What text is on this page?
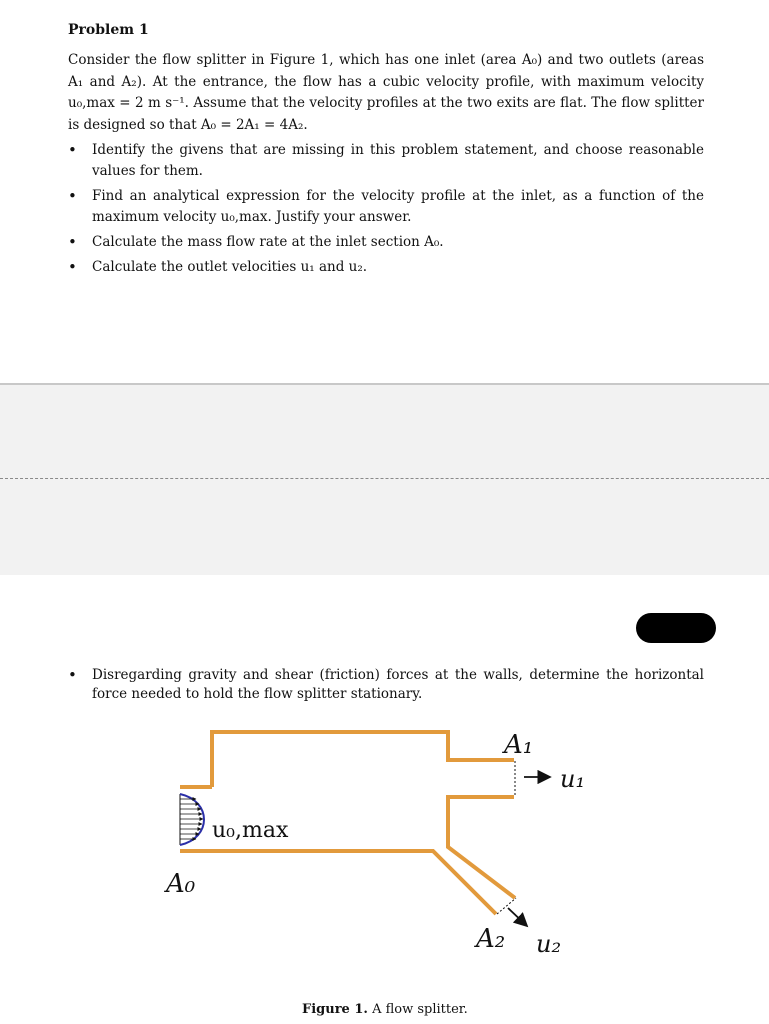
Problem 1
Consider the flow splitter in Figure 1, which has one inlet (area A₀) and two outlets (areas A₁ and A₂). At the entrance, the flow has a cubic velocity profile, with maximum velocity u₀,max = 2 m s⁻¹. Assume that the velocity profiles at the two exits are flat. The flow splitter is designed so that A₀ = 2A₁ = 4A₂.
• Identify the givens that are missing in this problem statement, and choose reasonable values for them.
• Find an analytical expression for the velocity profile at the inlet, as a function of the maximum velocity u₀,max. Justify your answer.
• Calculate the mass flow rate at the inlet section A₀.
• Calculate the outlet velocities u₁ and u₂.
• Disregarding gravity and shear (friction) forces at the walls, determine the horizontal force needed to hold the flow splitter stationary.
A₁
u₁
u₀,max
A₀
A₂ u₂
Figure 1. A flow splitter.
